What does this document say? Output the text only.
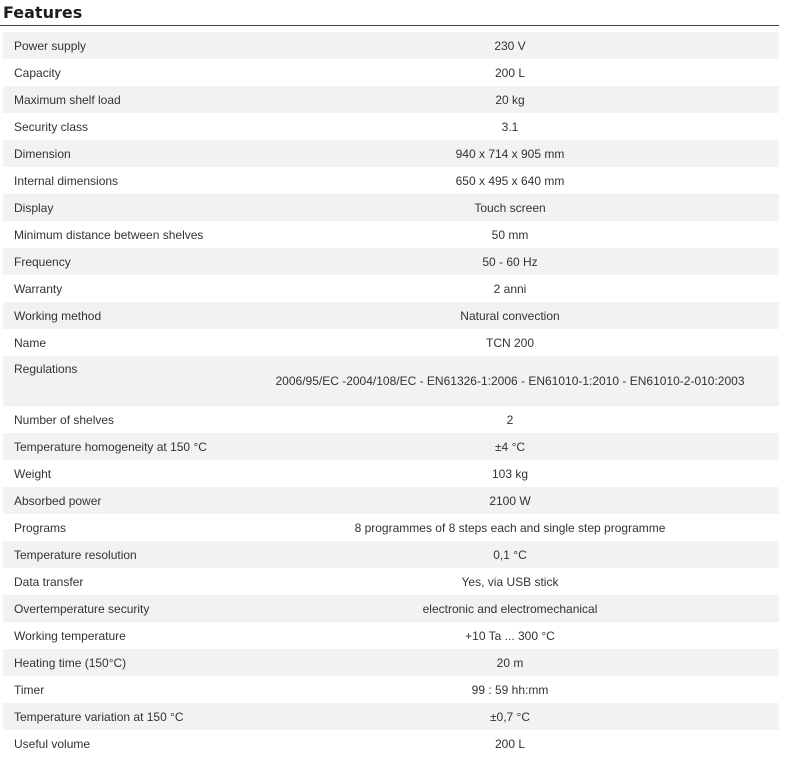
Features
Power supply	230 V
Capacity	200 L
Maximum shelf load	20 kg
Security class	3.1
Dimension	940 x 714 x 905 mm
Internal dimensions	650 x 495 x 640 mm
Display	Touch screen
Minimum distance between shelves	50 mm
Frequency	50 - 60 Hz
Warranty	2 anni
Working method	Natural convection
Name	TCN 200
Regulations	2006/95/EC -2004/108/EC - EN61326-1:2006 - EN61010-1:2010 - EN61010-2-010:2003
Number of shelves	2
Temperature homogeneity at 150 °C	±4 °C
Weight	103 kg
Absorbed power	2100 W
Programs	8 programmes of 8 steps each and single step programme
Temperature resolution	0,1 °C
Data transfer	Yes, via USB stick
Overtemperature security	electronic and electromechanical
Working temperature	+10 Ta ... 300 °C
Heating time (150°C)	20 m
Timer	99 : 59 hh:mm
Temperature variation at 150 °C	±0,7 °C
Useful volume	200 L
